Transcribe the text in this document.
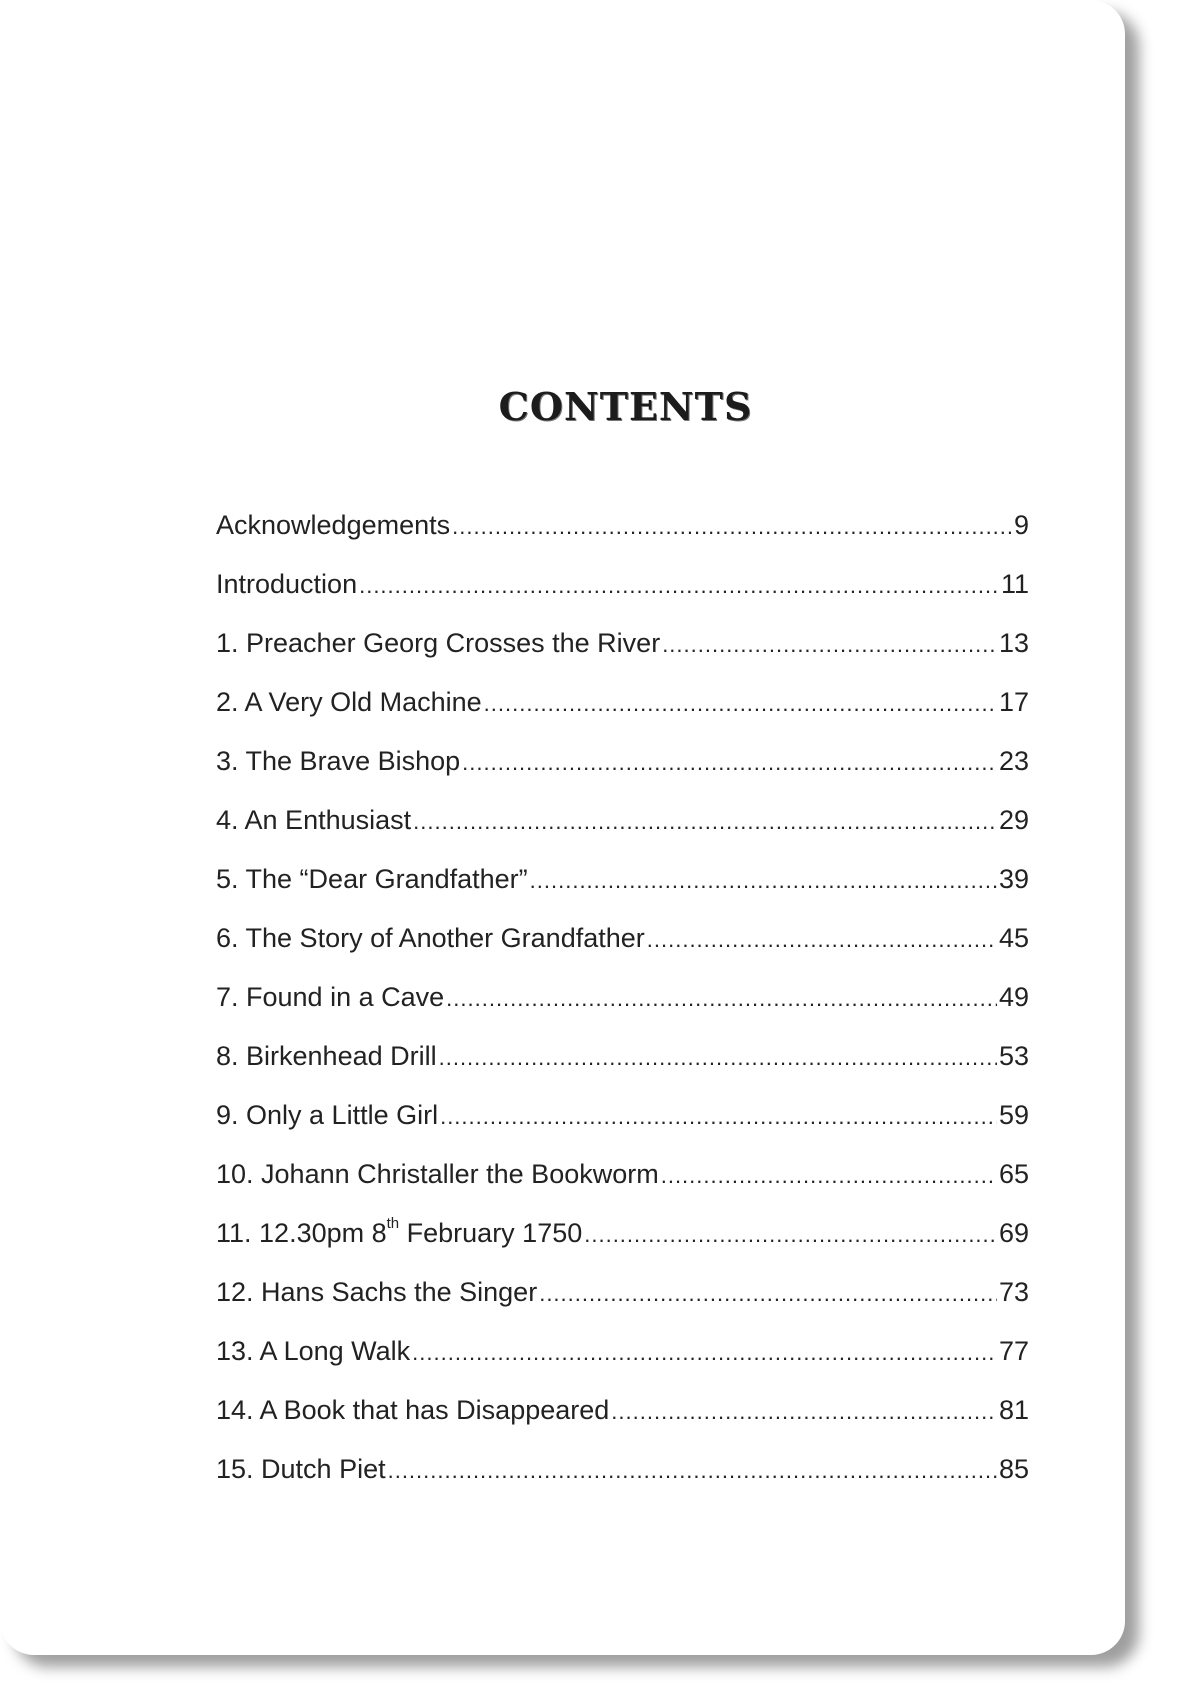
CONTENTS
Acknowledgements .....	9
Introduction .....	11
1. Preacher Georg Crosses the River .....	13
2. A Very Old Machine .....	17
3. The Brave Bishop .....	23
4. An Enthusiast .....	29
5. The “Dear Grandfather” .....	39
6. The Story of Another Grandfather .....	45
7. Found in a Cave .....	49
8. Birkenhead Drill .....	53
9. Only a Little Girl .....	59
10. Johann Christaller the Bookworm .....	65
11. 12.30pm 8th February 1750 .....	69
12. Hans Sachs the Singer .....	73
13. A Long Walk .....	77
14. A Book that has Disappeared .....	81
15. Dutch Piet .....	85
